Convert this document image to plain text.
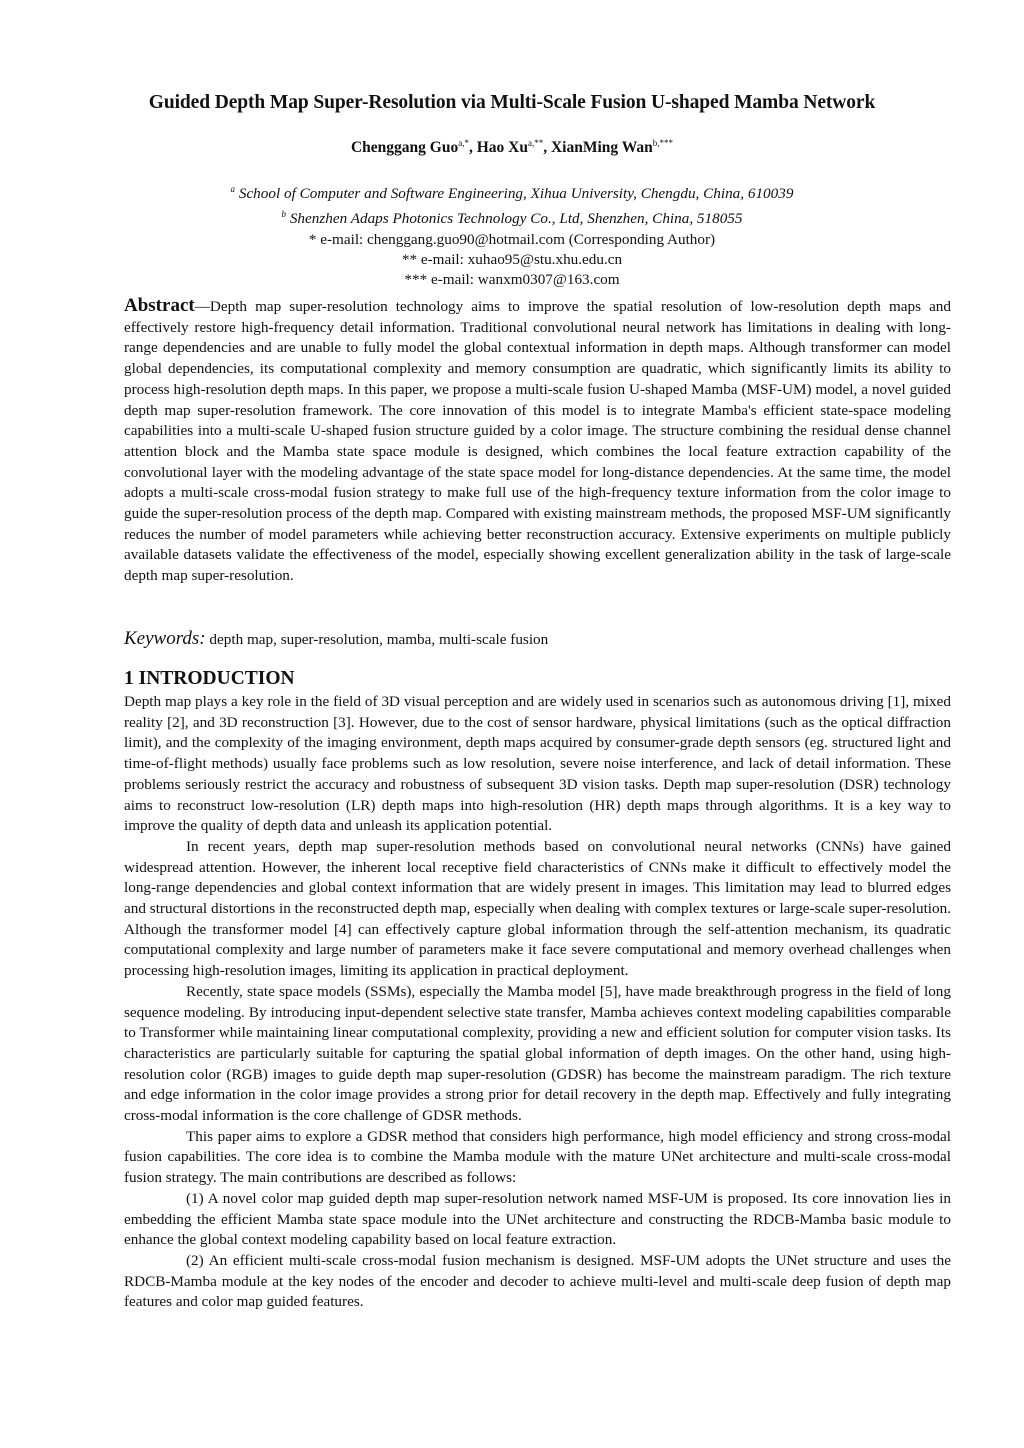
Guided Depth Map Super-Resolution via Multi-Scale Fusion U-shaped Mamba Network
Chenggang Guo$^{a,*}$, Hao $Xu^{a,**}$, XianMing Wan$^{b,***}$
$^a$ School of Computer and Software Engineering, Xihua University, Chengdu, China, 610039
$^b$ Shenzhen Adaps Photonics Technology Co., Ltd, Shenzhen, China, 518055
* e-mail: chenggang.guo90@hotmail.com (Corresponding Author)
** e-mail: xuhao95@stu.xhu.edu.cn
*** e-mail: wanxm0307@163.com
Abstract—Depth map super-resolution technology aims to improve the spatial resolution of low-resolution depth maps and effectively restore high-frequency detail information. Traditional convolutional neural network has limitations in dealing with long-range dependencies and are unable to fully model the global contextual information in depth maps. Although transformer can model global dependencies, its computational complexity and memory consumption are quadratic, which significantly limits its ability to process high-resolution depth maps. In this paper, we propose a multi-scale fusion U-shaped Mamba (MSF-UM) model, a novel guided depth map super-resolution framework. The core innovation of this model is to integrate Mamba's efficient state-space modeling capabilities into a multi-scale U-shaped fusion structure guided by a color image. The structure combining the residual dense channel attention block and the Mamba state space module is designed, which combines the local feature extraction capability of the convolutional layer with the modeling advantage of the state space model for long-distance dependencies. At the same time, the model adopts a multi-scale cross-modal fusion strategy to make full use of the high-frequency texture information from the color image to guide the super-resolution process of the depth map. Compared with existing mainstream methods, the proposed MSF-UM significantly reduces the number of model parameters while achieving better reconstruction accuracy. Extensive experiments on multiple publicly available datasets validate the effectiveness of the model, especially showing excellent generalization ability in the task of large-scale depth map super-resolution.
Keywords: depth map, super-resolution, mamba, multi-scale fusion
1 INTRODUCTION

Depth map plays a key role in the field of 3D visual perception and are widely used in scenarios such as autonomous driving [1], mixed reality [2], and 3D reconstruction [3]. However, due to the cost of sensor hardware, physical limitations (such as the optical diffraction limit), and the complexity of the imaging environment, depth maps acquired by consumer-grade depth sensors (eg. structured light and time-of-flight methods) usually face problems such as low resolution, severe noise interference, and lack of detail information. These problems seriously restrict the accuracy and robustness of subsequent 3D vision tasks. Depth map super-resolution (DSR) technology aims to reconstruct low-resolution (LR) depth maps into high-resolution (HR) depth maps through algorithms. It is a key way to improve the quality of depth data and unleash its application potential.

In recent years, depth map super-resolution methods based on convolutional neural networks (CNNs) have gained widespread attention. However, the inherent local receptive field characteristics of CNNs make it difficult to effectively model the long-range dependencies and global context information that are widely present in images. This limitation may lead to blurred edges and structural distortions in the reconstructed depth map, especially when dealing with complex textures or large-scale super-resolution. Although the transformer model [4] can effectively capture global information through the self-attention mechanism, its quadratic computational complexity and large number of parameters make it face severe computational and memory overhead challenges when processing high-resolution images, limiting its application in practical deployment.

Recently, state space models (SSMs), especially the Mamba model [5], have made breakthrough progress in the field of long sequence modeling. By introducing input-dependent selective state transfer, Mamba achieves context modeling capabilities comparable to Transformer while maintaining linear computational complexity, providing a new and efficient solution for computer vision tasks. Its characteristics are particularly suitable for capturing the spatial global information of depth images. On the other hand, using high-resolution color (RGB) images to guide depth map super-resolution (GDSR) has become the mainstream paradigm. The rich texture and edge information in the color image provides a strong prior for detail recovery in the depth map. Effectively and fully integrating cross-modal information is the core challenge of GDSR methods.

This paper aims to explore a GDSR method that considers high performance, high model efficiency and strong cross-modal fusion capabilities. The core idea is to combine the Mamba module with the mature UNet architecture and multi-scale cross-modal fusion strategy. The main contributions are described as follows:

(1) A novel color map guided depth map super-resolution network named MSF-UM is proposed. Its core innovation lies in embedding the efficient Mamba state space module into the UNet architecture and constructing the RDCB-Mamba basic module to enhance the global context modeling capability based on local feature extraction.

(2) An efficient multi-scale cross-modal fusion mechanism is designed. MSF-UM adopts the UNet structure and uses the RDCB-Mamba module at the key nodes of the encoder and decoder to achieve multi-level and multi-scale deep fusion of depth map features and color map guided features.
